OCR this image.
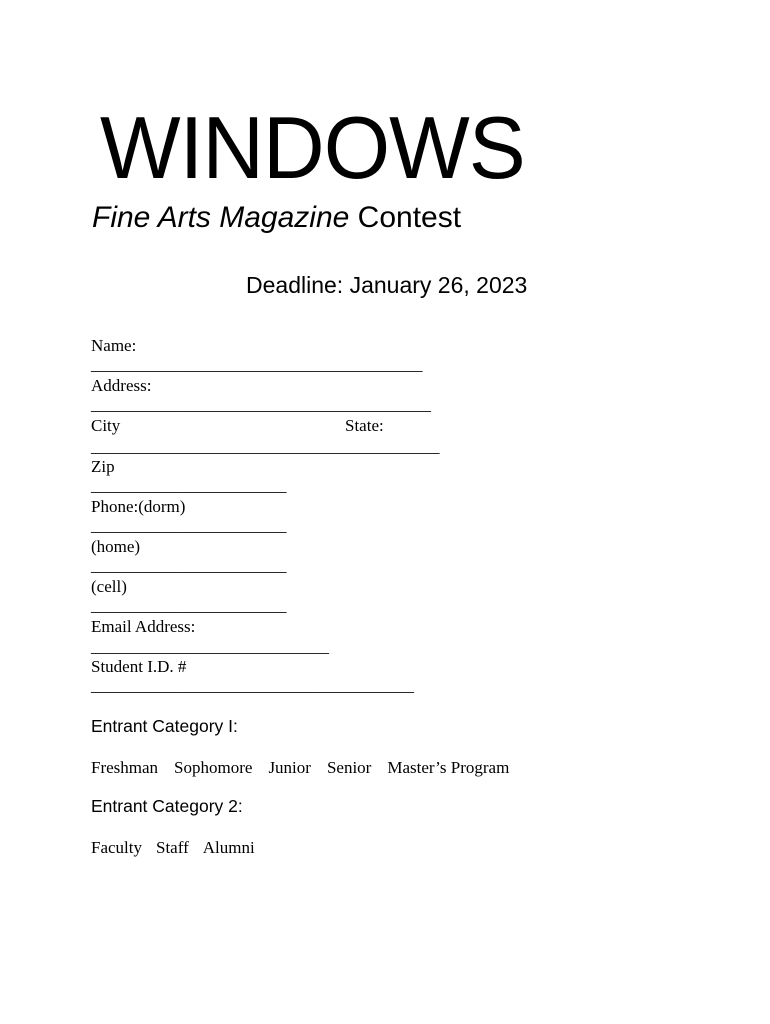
WINDOWS
Fine Arts Magazine Contest
Deadline: January 26, 2023
Name:
_______________________________________
Address:
________________________________________
City	State:
_________________________________________
Zip
_______________________
Phone:(dorm)
_______________________
(home)
_______________________
(cell)
_______________________
Email Address:
____________________________
Student I.D. #
______________________________________
Entrant Category I:
Freshman Sophomore Junior Senior Master’s Program
Entrant Category 2:
Faculty Staff Alumni
